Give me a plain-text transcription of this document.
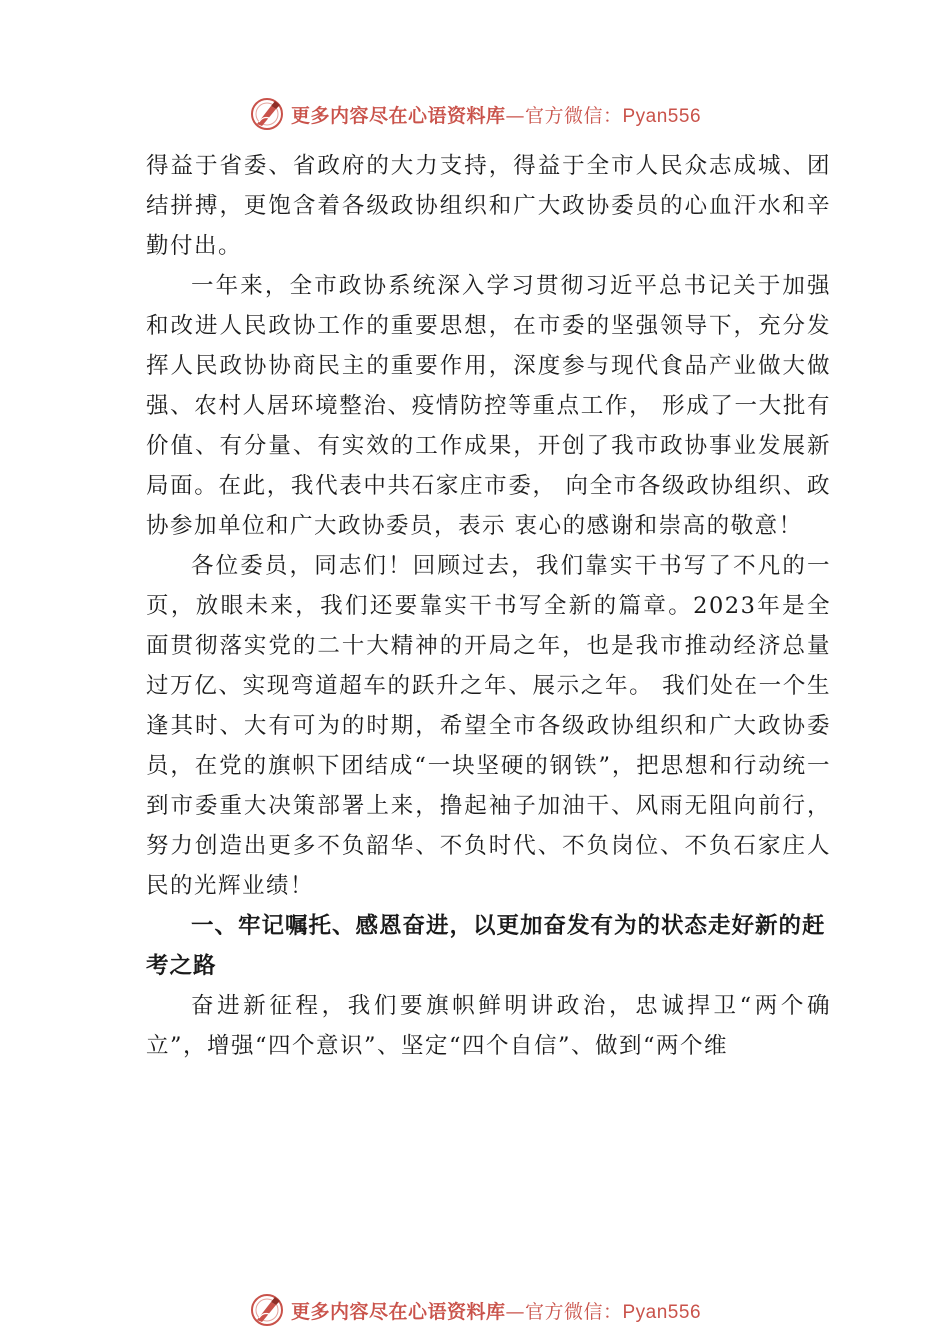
更多内容尽在心语资料库—官方微信：Pyan556

得益于省委、省政府的大力支持，得益于全市人民众志成城、团结拼搏，更饱含着各级政协组织和广大政协委员的心血汗水和辛勤付出。

一年来，全市政协系统深入学习贯彻习近平总书记关于加强和改进人民政协工作的重要思想，在市委的坚强领导下，充分发挥人民政协协商民主的重要作用，深度参与现代食品产业做大做强、农村人居环境整治、疫情防控等重点工作， 形成了一大批有价值、有分量、有实效的工作成果，开创了我市政协事业发展新局面。在此，我代表中共石家庄市委， 向全市各级政协组织、政协参加单位和广大政协委员，表示 衷心的感谢和崇高的敬意！

各位委员，同志们！回顾过去，我们靠实干书写了不凡的一页，放眼未来，我们还要靠实干书写全新的篇章。2023年是全面贯彻落实党的二十大精神的开局之年，也是我市推动经济总量过万亿、实现弯道超车的跃升之年、展示之年。 我们处在一个生逢其时、大有可为的时期，希望全市各级政协组织和广大政协委员，在党的旗帜下团结成“一块坚硬的钢铁”，把思想和行动统一到市委重大决策部署上来，撸起袖子加油干、风雨无阻向前行，努力创造出更多不负韶华、不负时代、不负岗位、不负石家庄人民的光辉业绩！

一、牢记嘱托、感恩奋进，以更加奋发有为的状态走好新的赶考之路

奋进新征程，我们要旗帜鲜明讲政治，忠诚捍卫“两个确立”，增强“四个意识”、坚定“四个自信”、做到“两个维

更多内容尽在心语资料库—官方微信：Pyan556
